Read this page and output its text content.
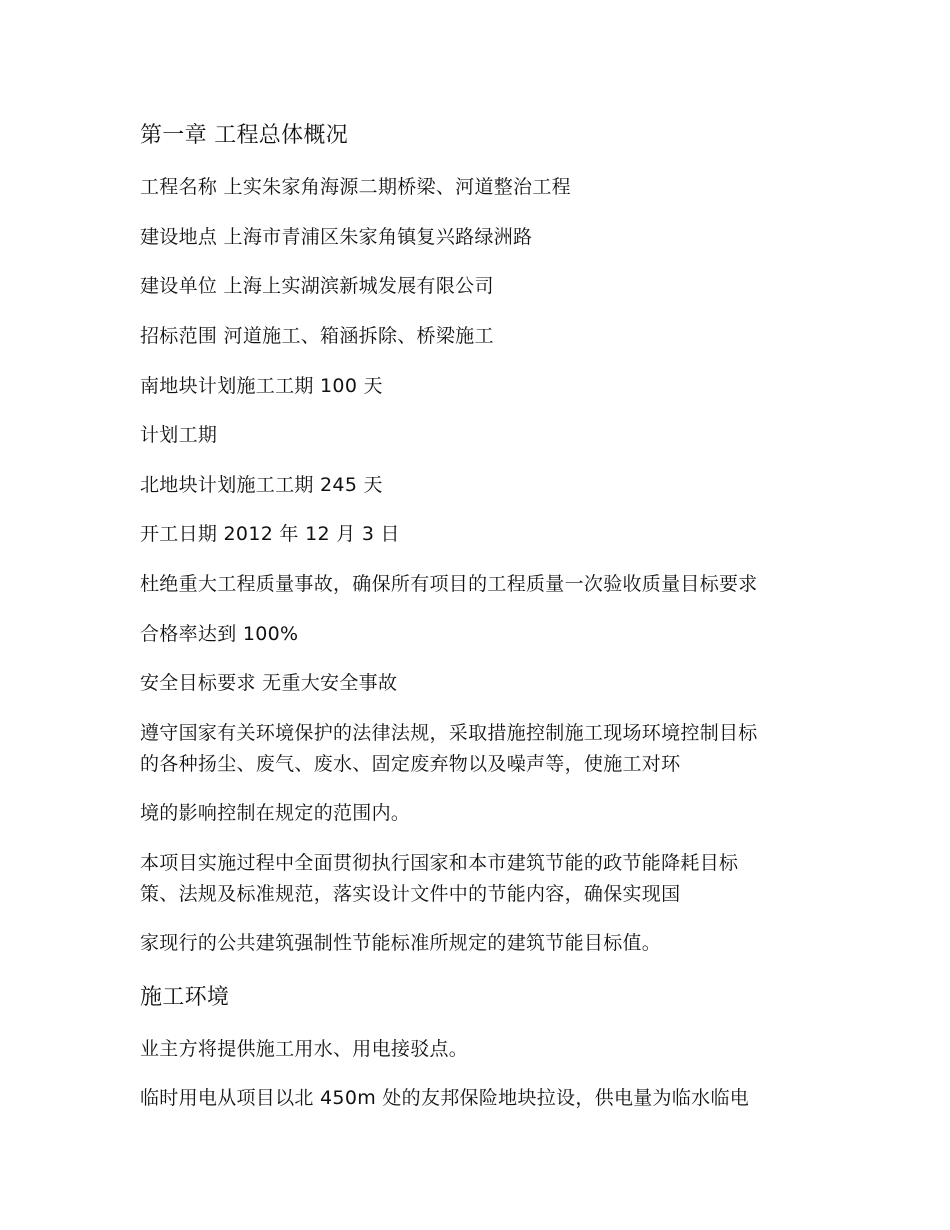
第一章 工程总体概况
工程名称 上实朱家角海源二期桥梁、河道整治工程
建设地点 上海市青浦区朱家角镇复兴路绿洲路
建设单位 上海上实湖滨新城发展有限公司
招标范围 河道施工、箱涵拆除、桥梁施工
南地块计划施工工期 100 天
计划工期
北地块计划施工工期 245 天
开工日期 2012 年 12 月 3 日
杜绝重大工程质量事故，确保所有项目的工程质量一次验收质量目标要求
合格率达到 100%
安全目标要求 无重大安全事故
遵守国家有关环境保护的法律法规，采取措施控制施工现场环境控制目标
的各种扬尘、废气、废水、固定废弃物以及噪声等，使施工对环
境的影响控制在规定的范围内。
本项目实施过程中全面贯彻执行国家和本市建筑节能的政节能降耗目标
策、法规及标准规范，落实设计文件中的节能内容，确保实现国
家现行的公共建筑强制性节能标准所规定的建筑节能目标值。
施工环境
业主方将提供施工用水、用电接驳点。
临时用电从项目以北 450m 处的友邦保险地块拉设，供电量为临水临电
